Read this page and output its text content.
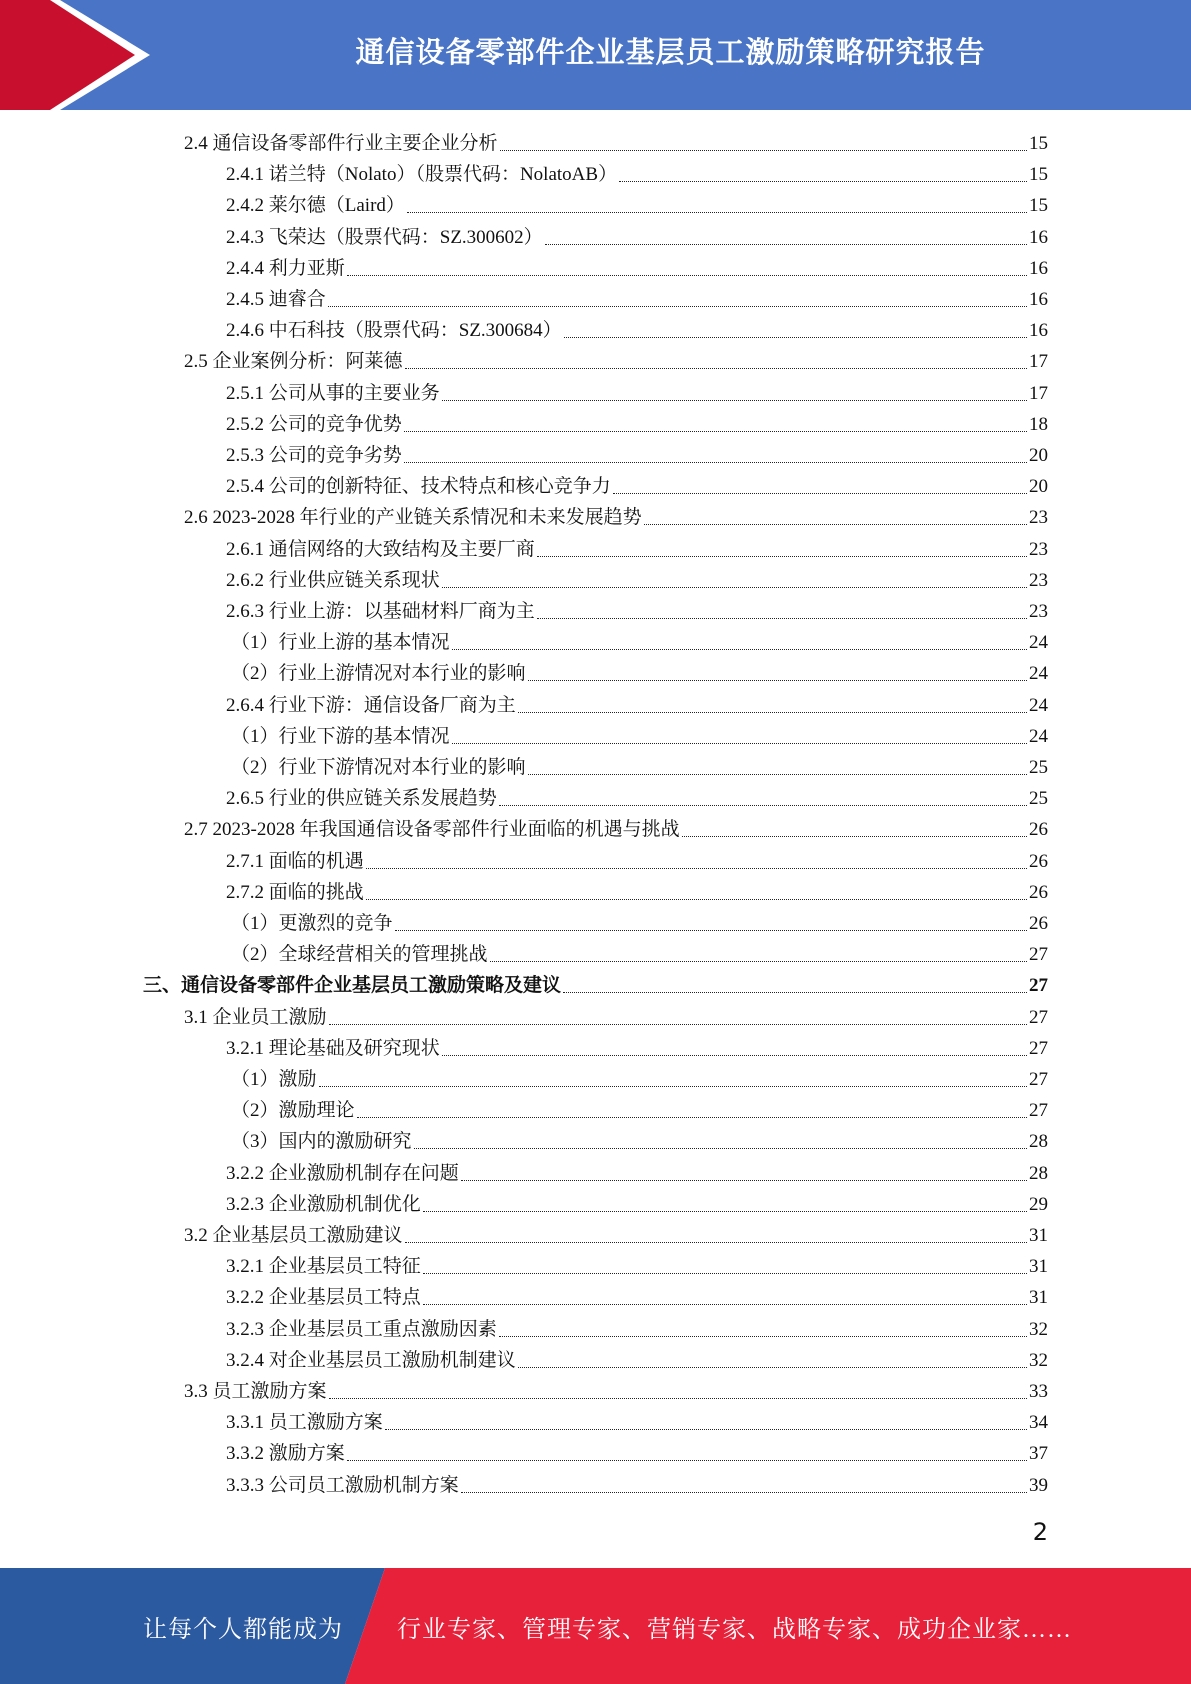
通信设备零部件企业基层员工激励策略研究报告
2.4 通信设备零部件行业主要企业分析	15
2.4.1 诺兰特（Nolato）（股票代码：NolatoAB）	15
2.4.2 莱尔德（Laird）	15
2.4.3 飞荣达（股票代码：SZ.300602）	16
2.4.4 利力亚斯	16
2.4.5 迪睿合	16
2.4.6 中石科技（股票代码：SZ.300684）	16
2.5 企业案例分析：阿莱德	17
2.5.1 公司从事的主要业务	17
2.5.2 公司的竞争优势	18
2.5.3 公司的竞争劣势	20
2.5.4 公司的创新特征、技术特点和核心竞争力	20
2.6 2023-2028 年行业的产业链关系情况和未来发展趋势	23
2.6.1 通信网络的大致结构及主要厂商	23
2.6.2 行业供应链关系现状	23
2.6.3 行业上游：以基础材料厂商为主	23
（1）行业上游的基本情况	24
（2）行业上游情况对本行业的影响	24
2.6.4 行业下游：通信设备厂商为主	24
（1）行业下游的基本情况	24
（2）行业下游情况对本行业的影响	25
2.6.5 行业的供应链关系发展趋势	25
2.7 2023-2028 年我国通信设备零部件行业面临的机遇与挑战	26
2.7.1 面临的机遇	26
2.7.2 面临的挑战	26
（1）更激烈的竞争	26
（2）全球经营相关的管理挑战	27
三、通信设备零部件企业基层员工激励策略及建议	27
3.1 企业员工激励	27
3.2.1 理论基础及研究现状	27
（1）激励	27
（2）激励理论	27
（3）国内的激励研究	28
3.2.2 企业激励机制存在问题	28
3.2.3 企业激励机制优化	29
3.2 企业基层员工激励建议	31
3.2.1 企业基层员工特征	31
3.2.2 企业基层员工特点	31
3.2.3 企业基层员工重点激励因素	32
3.2.4 对企业基层员工激励机制建议	32
3.3 员工激励方案	33
3.3.1 员工激励方案	34
3.3.2 激励方案	37
3.3.3 公司员工激励机制方案	39
2
让每个人都能成为 行业专家、管理专家、营销专家、战略专家、成功企业家……
